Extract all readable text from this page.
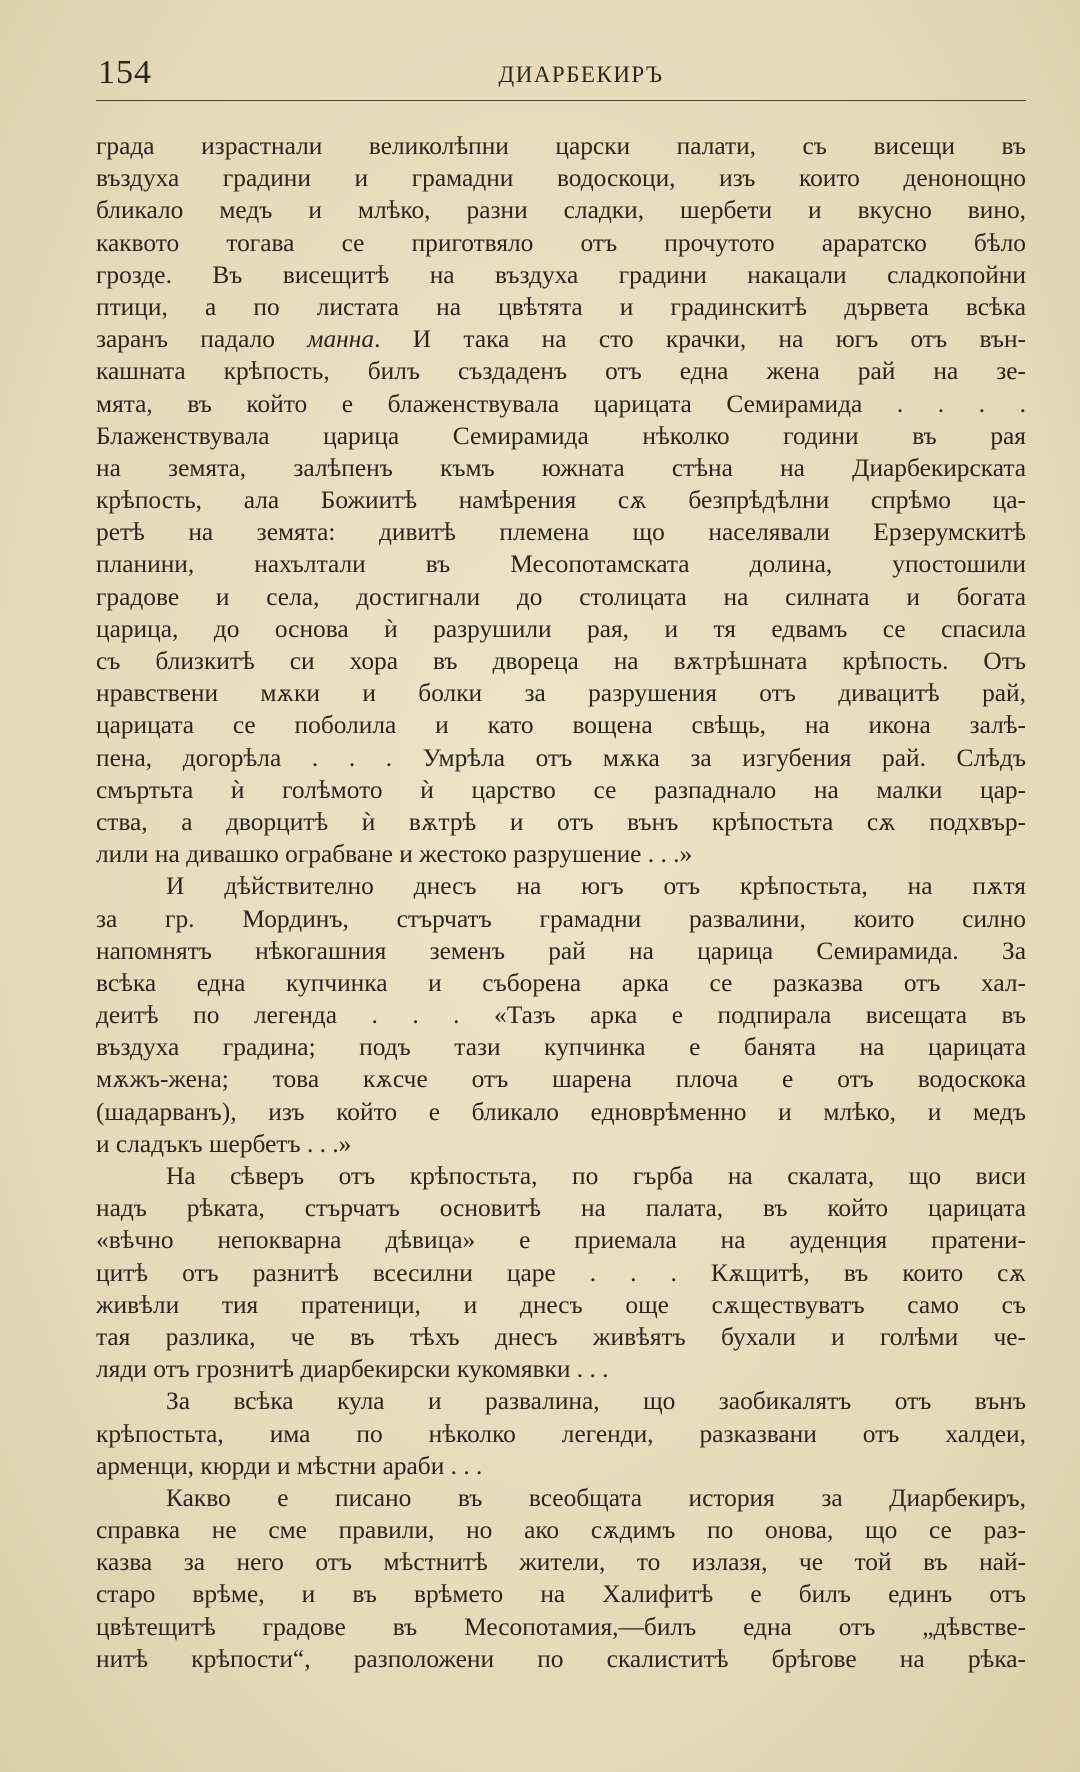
154	ДИАРБЕКИРЪ
града израстнали великолѣпни царски палати, съ висещи въ
въздуха градини и грамадни водоскоци, изъ които денонощно
бликало медъ и млѣко, разни сладки, шербети и вкусно вино,
каквото тогава се приготвяло отъ прочутото араратско бѣло
грозде. Въ висещитѣ на въздуха градини накацали сладкопойни
птици, а по листата на цвѣтята и градинскитѣ дървета всѣка
заранъ падало манна. И така на сто крачки, на югъ отъ вън-
кашната крѣпость, билъ създаденъ отъ една жена рай на зе-
мята, въ който е блаженствувала царицата Семирамида . . . .
Блаженствувала царица Семирамида нѣколко години въ рая
на земята, залѣпенъ къмъ южната стѣна на Диарбекирската
крѣпость, ала Божиитѣ намѣрения сѫ безпрѣдѣлни спрѣмо ца-
ретѣ на земята: дивитѣ племена що населявали Ерзерумскитѣ
планини, нахълтали въ Месопотамската долина, упостошили
градове и села, достигнали до столицата на силната и богата
царица, до основа ѝ разрушили рая, и тя едвамъ се спасила
съ близкитѣ си хора въ двореца на вѫтрѣшната крѣпость. Отъ
нравствени мѫки и болки за разрушения отъ дивацитѣ рай,
царицата се поболила и като вощена свѣщь, на икона залѣ-
пена, догорѣла . . . Умрѣла отъ мѫка за изгубения рай. Слѣдъ
смъртьта ѝ голѣмото ѝ царство се разпаднало на малки цар-
ства, а дворцитѣ ѝ вѫтрѣ и отъ вънъ крѣпостьта сѫ подхвър-
лили на дивашко ограбване и жестоко разрушение . . .»
И дѣйствително днесъ на югъ отъ крѣпостьта, на пѫтя
за гр. Мординъ, стърчатъ грамадни развалини, които силно
напомнятъ нѣкогашния земенъ рай на царица Семирамида. За
всѣка една купчинка и съборена арка се разказва отъ хал-
деитѣ по легенда . . . «Тазъ арка е подпирала висещата въ
въздуха градина; подъ тази купчинка е банята на царицата
мѫжъ-жена; това кѫсче отъ шарена плоча е отъ водоскока
(шадарванъ), изъ който е бликало едноврѣменно и млѣко, и медъ
и сладъкъ шербетъ . . .»
На сѣверъ отъ крѣпостьта, по гърба на скалата, що виси
надъ рѣката, стърчатъ основитѣ на палата, въ който царицата
«вѣчно непокварна дѣвица» е приемала на ауденция пратени-
цитѣ отъ разнитѣ всесилни царе . . . Кѫщитѣ, въ които сѫ
живѣли тия пратеници, и днесъ още сѫществуватъ само съ
тая разлика, че въ тѣхъ днесъ живѣятъ бухали и голѣми че-
ляди отъ грознитѣ диарбекирски кукомявки . . .
За всѣка кула и развалина, що заобикалятъ отъ вънъ
крѣпостьта, има по нѣколко легенди, разказвани отъ халдеи,
арменци, кюрди и мѣстни араби . . .
Какво е писано въ всеобщата история за Диарбекиръ,
справка не сме правили, но ако сѫдимъ по онова, що се раз-
казва за него отъ мѣстнитѣ жители, то излазя, че той въ най-
старо врѣме, и въ врѣмето на Халифитѣ е билъ единъ отъ
цвѣтещитѣ градове въ Месопотамия,—билъ една отъ „дѣвстве-
нитѣ крѣпости“, разположени по скалиститѣ брѣгове на рѣка-
